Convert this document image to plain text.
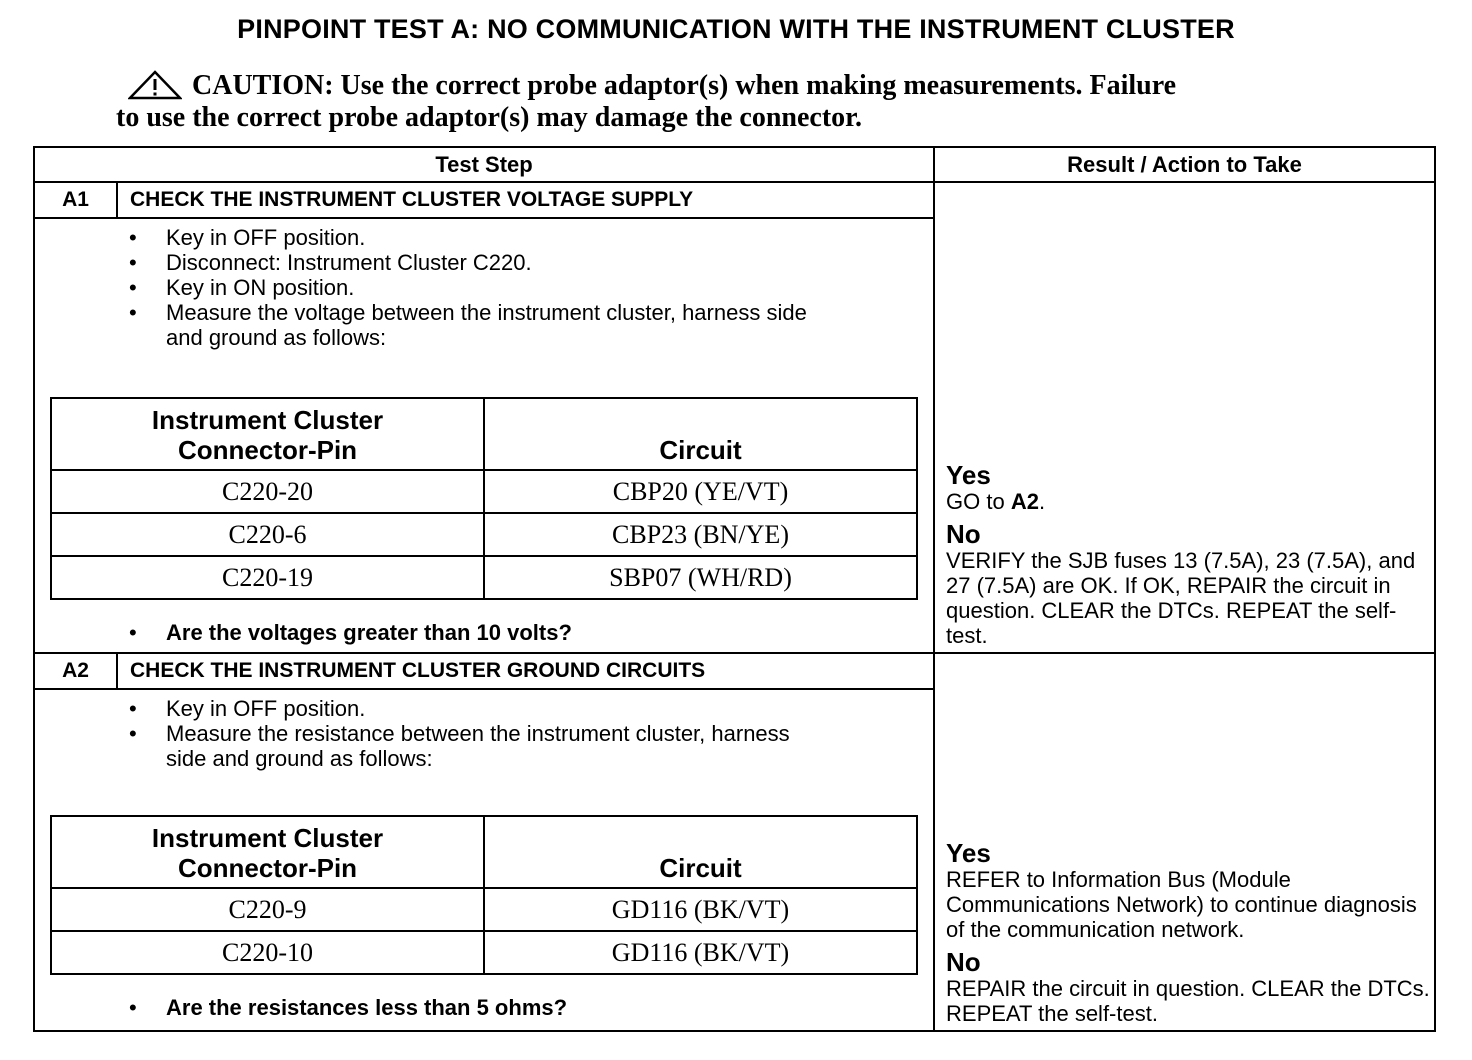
PINPOINT TEST A: NO COMMUNICATION WITH THE INSTRUMENT CLUSTER
CAUTION: Use the correct probe adaptor(s) when making measurements. Failure
to use the correct probe adaptor(s) may damage the connector.
Test Step	Result / Action to Take
A1	CHECK THE INSTRUMENT CLUSTER VOLTAGE SUPPLY	
Yes
GO to A2.
No
VERIFY the SJB fuses 13 (7.5A), 23 (7.5A), and 27 (7.5A) are OK. If OK, REPAIR the circuit in question. CLEAR the DTCs. REPEAT the self-test.

• Key in OFF position.
• Disconnect: Instrument Cluster C220.
• Key in ON position.
• Measure the voltage between the instrument cluster, harness side and ground as follows:
Instrument Cluster
Connector-Pin	Circuit
C220-20	CBP20 (YE/VT)
C220-6	CBP23 (BN/YE)
C220-19	SBP07 (WH/RD)
• Are the voltages greater than 10 volts?

A2	CHECK THE INSTRUMENT CLUSTER GROUND CIRCUITS	
Yes
REFER to Information Bus (Module Communications Network) to continue diagnosis of the communication network.
No
REPAIR the circuit in question. CLEAR the DTCs. REPEAT the self-test.

• Key in OFF position.
• Measure the resistance between the instrument cluster, harness side and ground as follows:
Instrument Cluster
Connector-Pin	Circuit
C220-9	GD116 (BK/VT)
C220-10	GD116 (BK/VT)
• Are the resistances less than 5 ohms?
